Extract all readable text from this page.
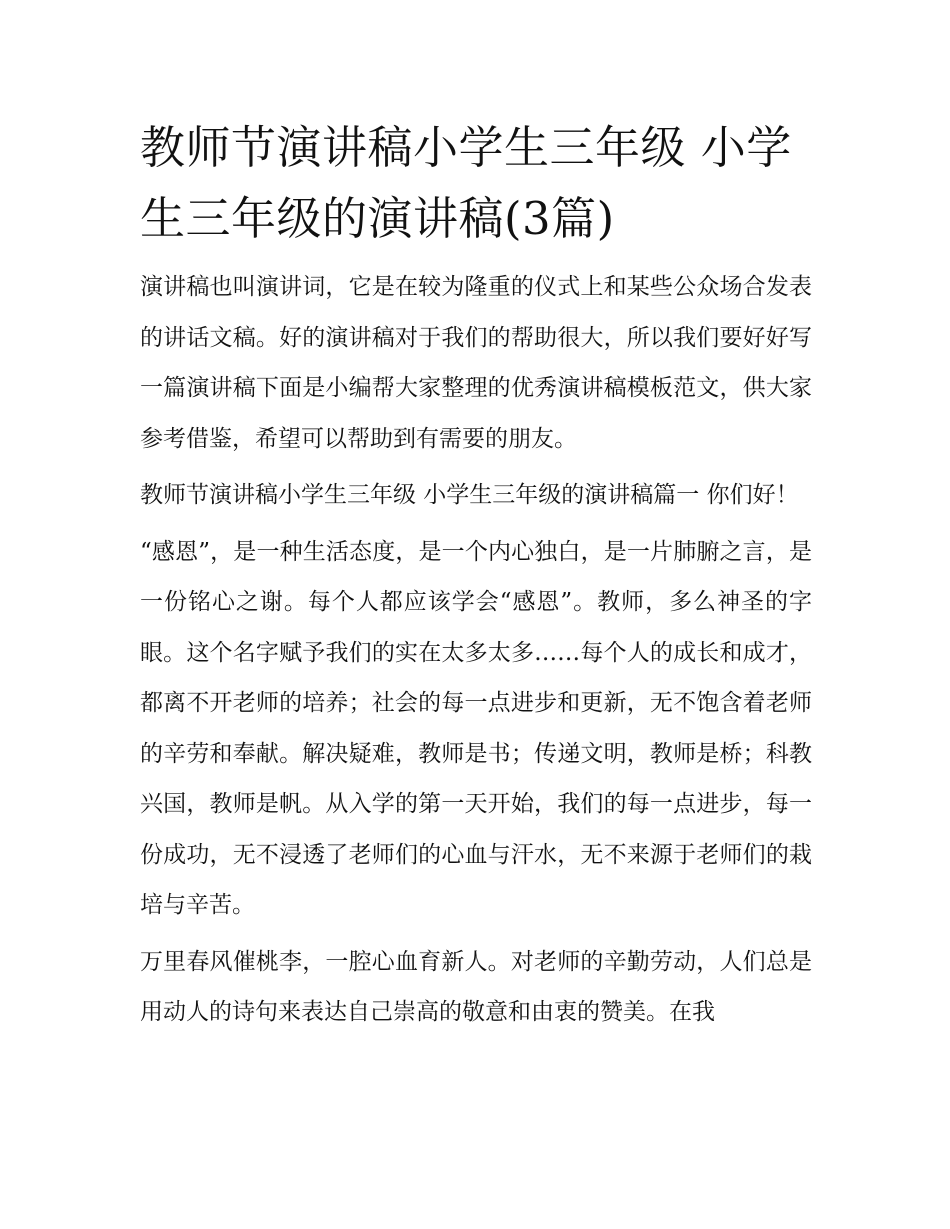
教师节演讲稿小学生三年级 小学生三年级的演讲稿(3篇)

演讲稿也叫演讲词，它是在较为隆重的仪式上和某些公众场合发表的讲话文稿。好的演讲稿对于我们的帮助很大，所以我们要好好写一篇演讲稿下面是小编帮大家整理的优秀演讲稿模板范文，供大家参考借鉴，希望可以帮助到有需要的朋友。

教师节演讲稿小学生三年级 小学生三年级的演讲稿篇一 你们好！

“感恩”，是一种生活态度，是一个内心独白，是一片肺腑之言，是一份铭心之谢。每个人都应该学会“感恩”。教师，多么神圣的字眼。这个名字赋予我们的实在太多太多……每个人的成长和成才，都离不开老师的培养；社会的每一点进步和更新，无不饱含着老师的辛劳和奉献。解决疑难，教师是书；传递文明，教师是桥；科教兴国，教师是帆。从入学的第一天开始，我们的每一点进步，每一份成功，无不浸透了老师们的心血与汗水，无不来源于老师们的栽培与辛苦。

万里春风催桃李，一腔心血育新人。对老师的辛勤劳动，人们总是用动人的诗句来表达自己崇高的敬意和由衷的赞美。在我
